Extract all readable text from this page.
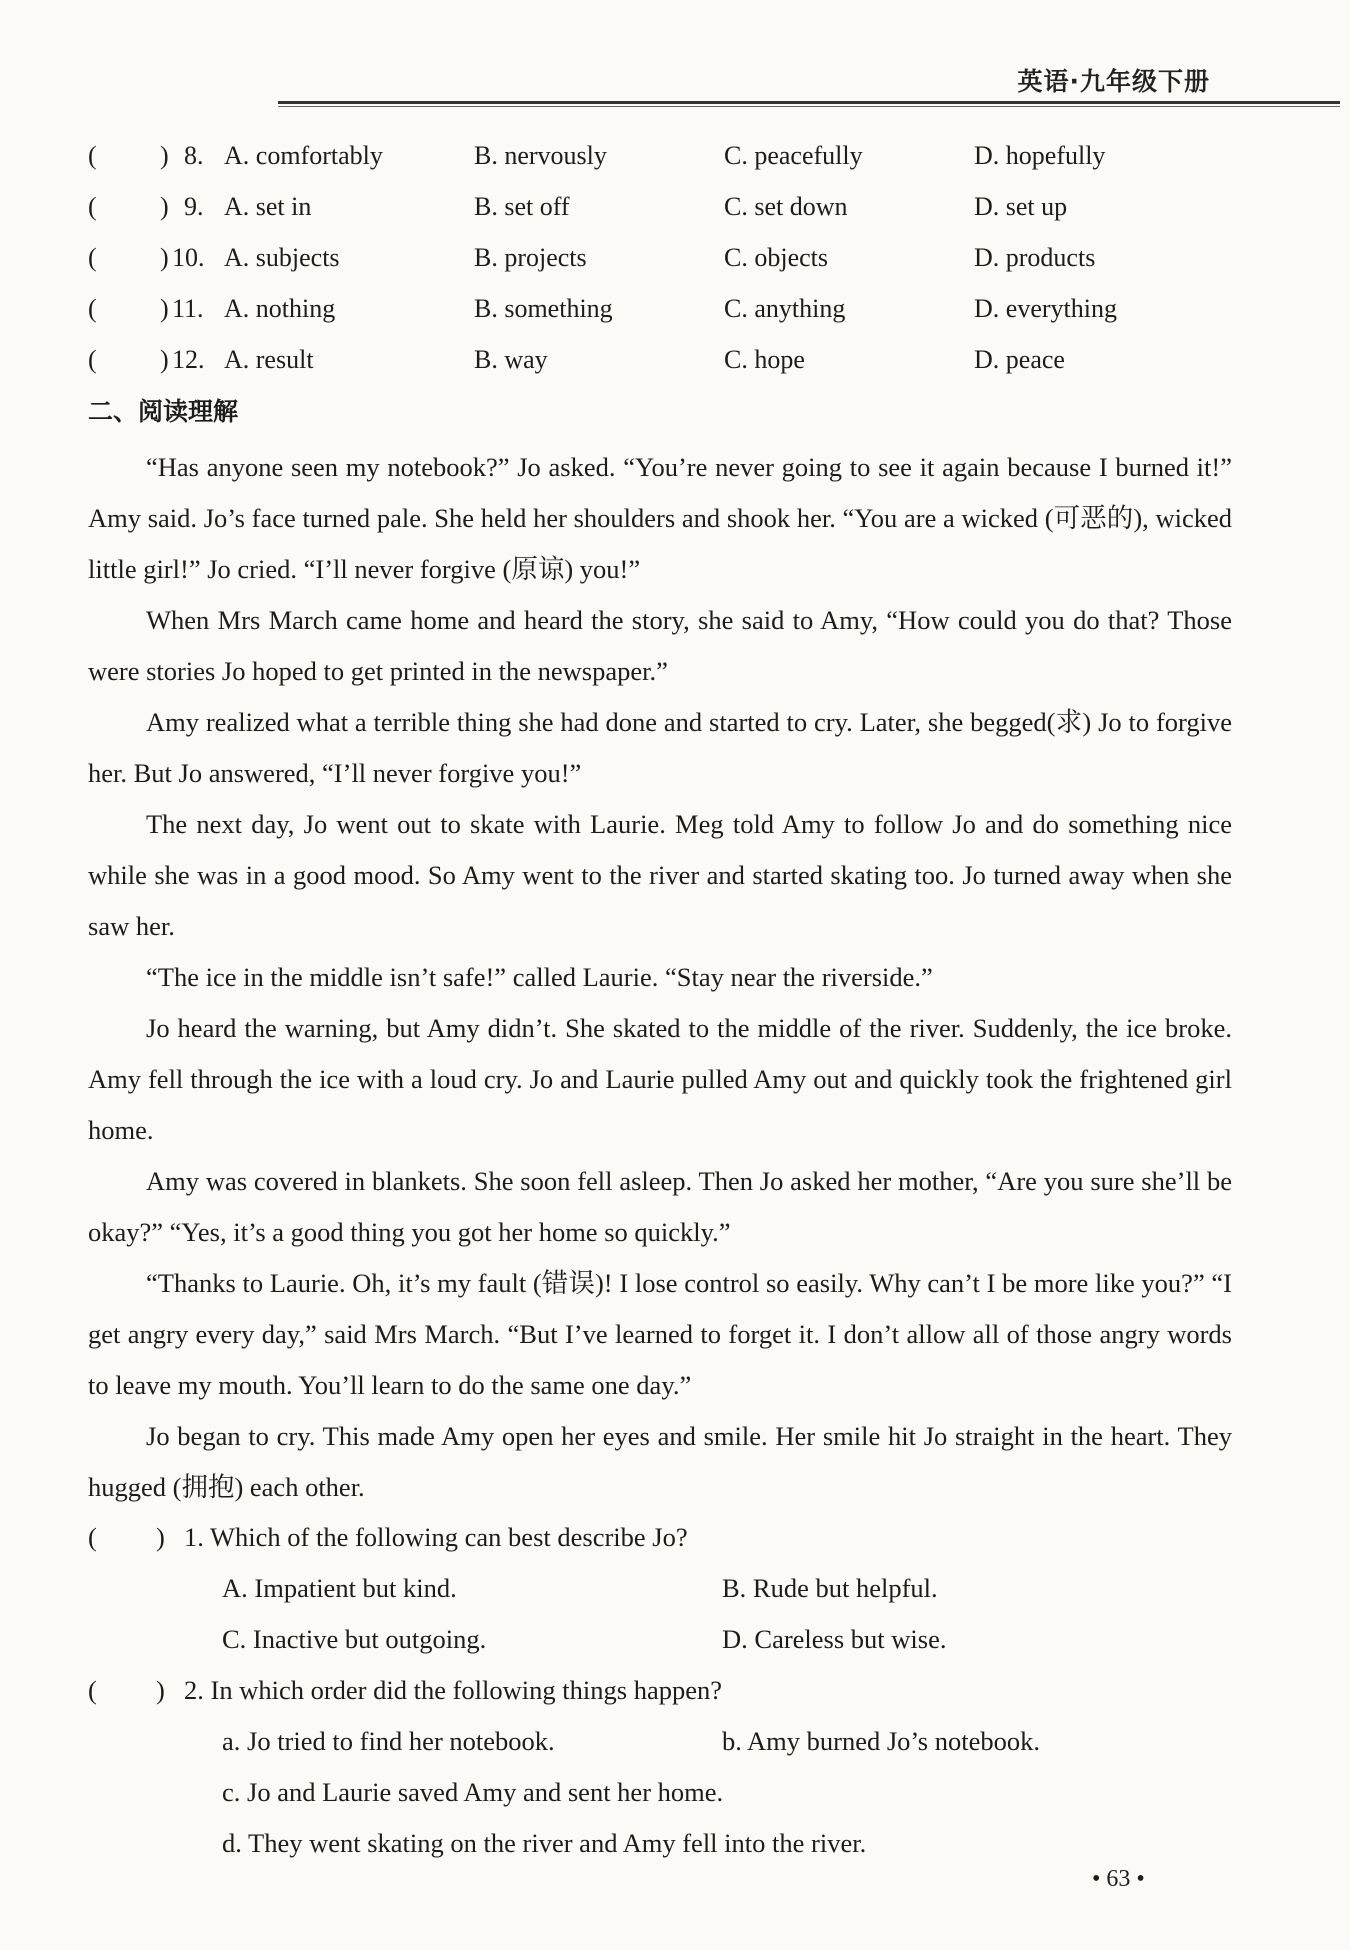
英语·九年级下册
( ) 8. A. comfortably	B. nervously	C. peacefully	D. hopefully
( ) 9. A. set in	B. set off	C. set down	D. set up
( ) 10. A. subjects	B. projects	C. objects	D. products
( ) 11. A. nothing	B. something	C. anything	D. everything
( ) 12. A. result	B. way	C. hope	D. peace
二、阅读理解

“Has anyone seen my notebook?” Jo asked. “You’re never going to see it again because I burned it!” Amy said. Jo’s face turned pale. She held her shoulders and shook her. “You are a wicked (可恶的), wicked little girl!” Jo cried. “I’ll never forgive (原谅) you!”

When Mrs March came home and heard the story, she said to Amy, “How could you do that? Those were stories Jo hoped to get printed in the newspaper.”

Amy realized what a terrible thing she had done and started to cry. Later, she begged(求) Jo to forgive her. But Jo answered, “I’ll never forgive you!”

The next day, Jo went out to skate with Laurie. Meg told Amy to follow Jo and do something nice while she was in a good mood. So Amy went to the river and started skating too. Jo turned away when she saw her.

“The ice in the middle isn’t safe!” called Laurie. “Stay near the riverside.”

Jo heard the warning, but Amy didn’t. She skated to the middle of the river. Suddenly, the ice broke. Amy fell through the ice with a loud cry. Jo and Laurie pulled Amy out and quickly took the frightened girl home.

Amy was covered in blankets. She soon fell asleep. Then Jo asked her mother, “Are you sure she’ll be okay?” “Yes, it’s a good thing you got her home so quickly.”

“Thanks to Laurie. Oh, it’s my fault (错误)! I lose control so easily. Why can’t I be more like you?” “I get angry every day,” said Mrs March. “But I’ve learned to forget it. I don’t allow all of those angry words to leave my mouth. You’ll learn to do the same one day.”

Jo began to cry. This made Amy open her eyes and smile. Her smile hit Jo straight in the heart. They hugged (拥抱) each other.

( ) 1. Which of the following can best describe Jo?
A. Impatient but kind.	B. Rude but helpful.
C. Inactive but outgoing.	D. Careless but wise.
( ) 2. In which order did the following things happen?
a. Jo tried to find her notebook.	b. Amy burned Jo’s notebook.
c. Jo and Laurie saved Amy and sent her home.
d. They went skating on the river and Amy fell into the river.
• 63 •
